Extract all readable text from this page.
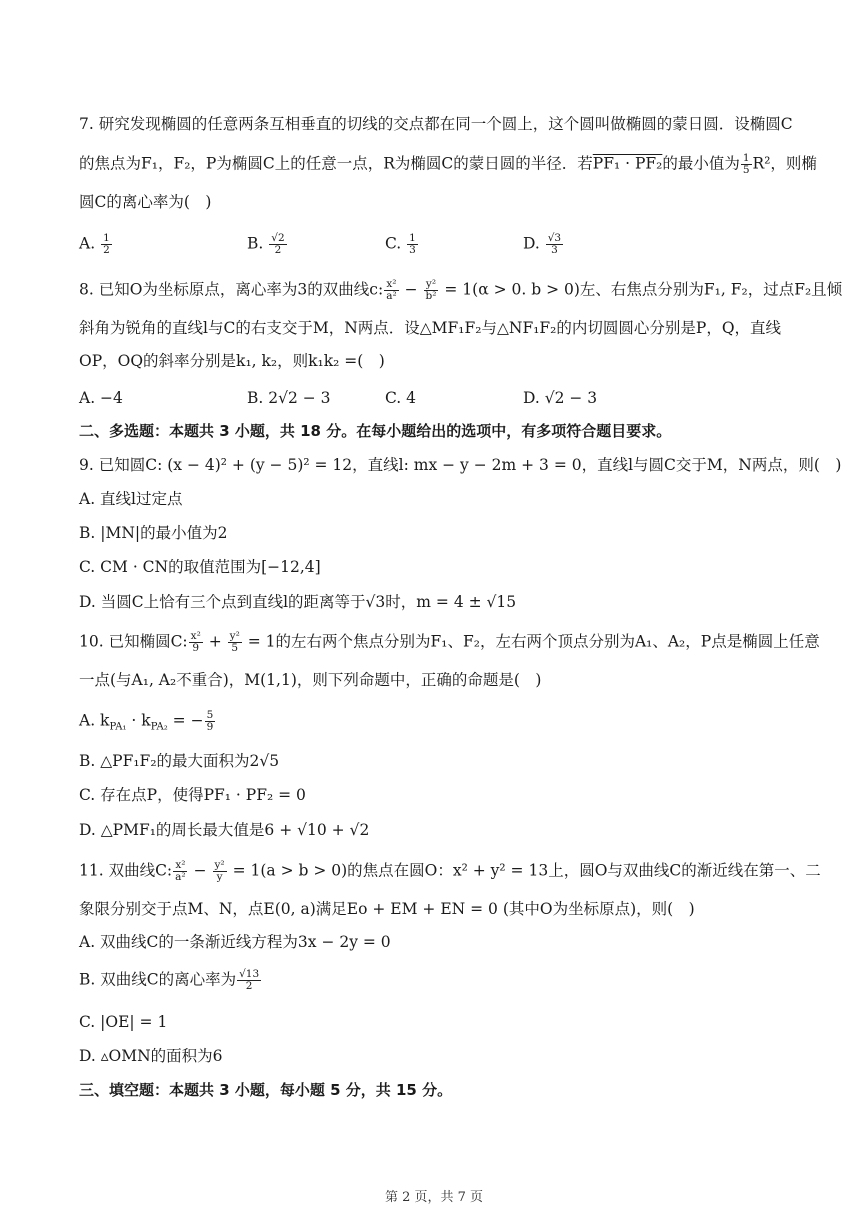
7. 研究发现椭圆的任意两条互相垂直的切线的交点都在同一个圆上，这个圆叫做椭圆的蒙日圆．设椭圆C
的焦点为F₁，F₂，P为椭圆C上的任意一点，R为椭圆C的蒙日圆的半径．若PF₁ · PF₂的最小值为 $\frac{1}{5} R^2$，则椭
圆C的离心率为(　)
A. $\frac{1}{2}$	B. $\frac{√2}{2}$	C. $\frac{1}{3}$	D. $\frac{√3}{3}$
8. 已知O为坐标原点，离心率为3的双曲线c: $\frac{\text{x²}}{\text{a²}} - \frac{\text{y²}}{\text{b²}} = 1(\alpha > 0$. b > 0)左、右焦点分别为F₁, F₂，过点F₂且倾
斜角为锐角的直线l与C的右支交于M，N两点．设△MF₁F₂与△NF₁F₂的内切圆圆心分别是P，Q，直线
OP，OQ的斜率分别是k₁, k₂，则k₁k₂ =(　)
A. −4	B. 2√2 − 3	C. 4	D. √2 − 3
二、多选题：本题共 3 小题，共 18 分。在每小题给出的选项中，有多项符合题目要求。
9. 已知圆C: (x − 4)² + (y − 5)² = 12，直线l: mx − y − 2m + 3 = 0，直线l与圆C交于M，N两点，则(　)
A. 直线l过定点
B. |MN|的最小值为2
C. CM · CN的取值范围为[−12,4]
D. 当圆C上恰有三个点到直线l的距离等于√3时，m = 4 ± √15
10. 已知椭圆C: $\frac{\text{x²}}{9} + \frac{\text{y²}}{5} = 1$的左右两个焦点分别为F₁、F₂，左右两个顶点分别为A₁、A₂，P点是椭圆上任意
一点(与A₁, A₂不重合)，M(1,1)，则下列命题中，正确的命题是(　)
A. $k_{PA_1} \cdot k_{PA_2}$ = − $\frac{5}{9}$
B. △PF₁F₂的最大面积为2√5
C. 存在点P，使得PF₁ · PF₂ = 0
D. △PMF₁的周长最大值是6 + √10 + √2
11. 双曲线C: $\frac{\text{x²}}{\text{a²}} - \frac{\text{y²}}{y} = 1(a > b > 0)$的焦点在圆O：x² + y² = 13上，圆O与双曲线C的渐近线在第一、二
象限分别交于点M、N，点E(0, a)满足Eo + EM + EN = 0 (其中O为坐标原点)，则(　)
A. 双曲线C的一条渐近线方程为3x − 2y = 0
B. 双曲线C的离心率为 $\frac{√13}{2}$
C. |OE| = 1
D. ▵OMN的面积为6
三、填空题：本题共 3 小题，每小题 5 分，共 15 分。
第 2 页，共 7 页
